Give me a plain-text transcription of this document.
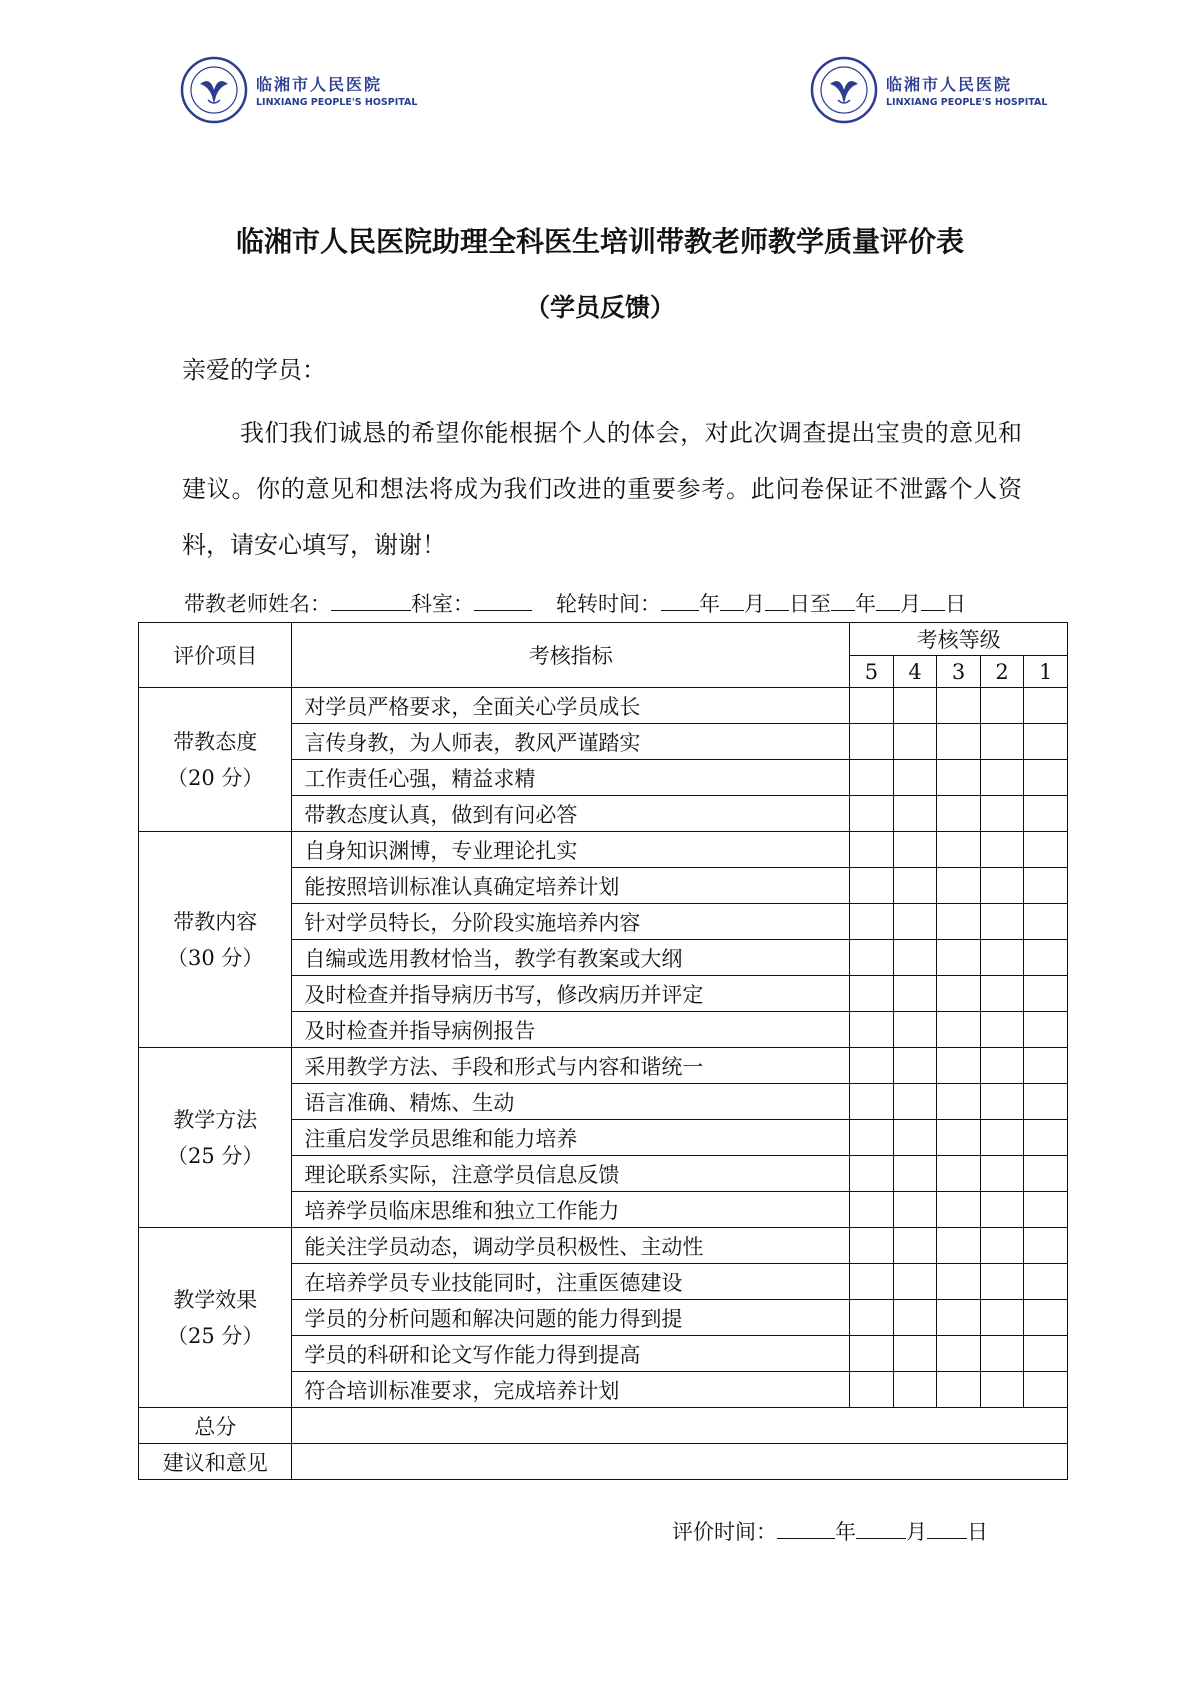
临湘市人民医院
LINXIANG PEOPLE'S HOSPITAL
临湘市人民医院
LINXIANG PEOPLE'S HOSPITAL
临湘市人民医院助理全科医生培训带教老师教学质量评价表
（学员反馈）
亲爱的学员：
我们我们诚恳的希望你能根据个人的体会，对此次调查提出宝贵的意见和建议。你的意见和想法将成为我们改进的重要参考。此问卷保证不泄露个人资料，请安心填写，谢谢！
带教老师姓名：	科室：	轮转时间： 年 月 日至 年 月 日
评价项目	考核指标	考核等级				
		5	4	3	2	1

带教态度
（20 分）	对学员严格要求，全面关心学员成长					
	言传身教，为人师表，教风严谨踏实					
	工作责任心强，精益求精					
	带教态度认真，做到有问必答					

带教内容
（30 分）	自身知识渊博，专业理论扎实					
	能按照培训标准认真确定培养计划					
	针对学员特长，分阶段实施培养内容					
	自编或选用教材恰当，教学有教案或大纲					
	及时检查并指导病历书写，修改病历并评定					
	及时检查并指导病例报告					

教学方法
（25 分）	采用教学方法、手段和形式与内容和谐统一					
	语言准确、精炼、生动					
	注重启发学员思维和能力培养					
	理论联系实际，注意学员信息反馈					
	培养学员临床思维和独立工作能力					

教学效果
（25 分）	能关注学员动态，调动学员积极性、主动性					
	在培养学员专业技能同时，注重医德建设					
	学员的分析问题和解决问题的能力得到提					
	学员的科研和论文写作能力得到提高					
	符合培训标准要求，完成培养计划					
总分						
建议和意见						
评价时间：	年 月 日
